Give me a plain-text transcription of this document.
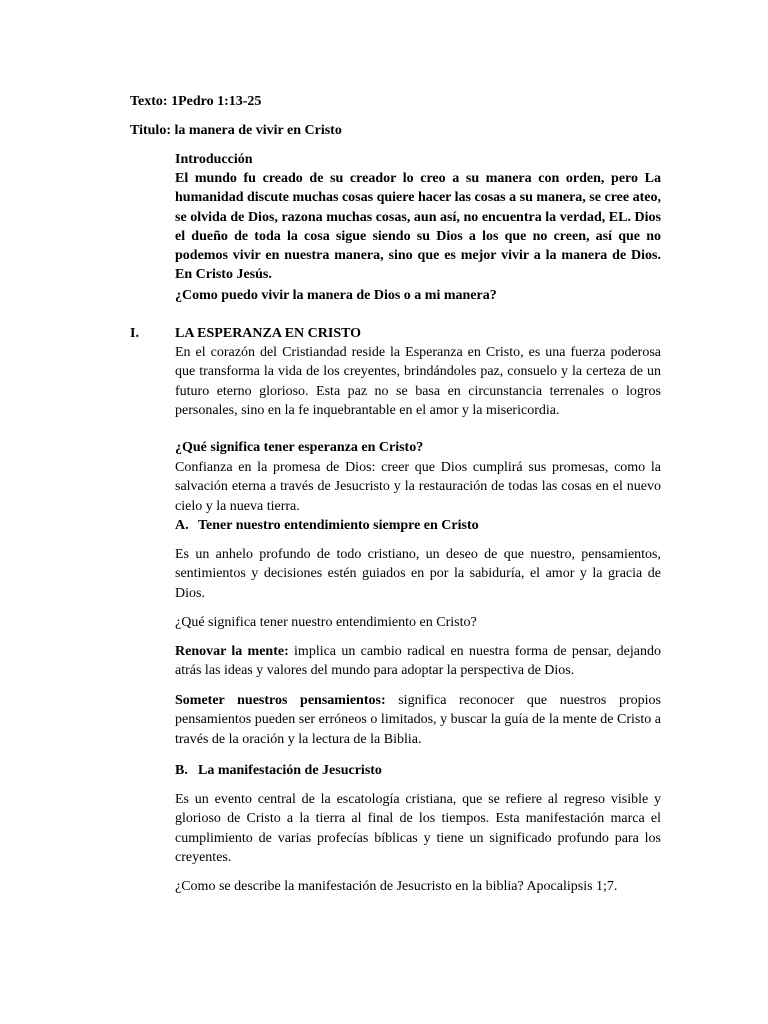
Texto: 1Pedro 1:13-25
Titulo: la manera de vivir en Cristo
Introducción

El mundo fu creado de su creador lo creo a su manera con orden, pero La humanidad discute muchas cosas quiere hacer las cosas a su manera, se cree ateo, se olvida de Dios, razona muchas cosas, aun así, no encuentra la verdad, EL. Dios el dueño de toda la cosa sigue siendo su Dios a los que no creen, así que no podemos vivir en nuestra manera, sino que es mejor vivir a la manera de Dios. En Cristo Jesús.

¿Como puedo vivir la manera de Dios o a mi manera?
I.	LA ESPERANZA EN CRISTO

En el corazón del Cristiandad reside la Esperanza en Cristo, es una fuerza poderosa que transforma la vida de los creyentes, brindándoles paz, consuelo y la certeza de un futuro eterno glorioso. Esta paz no se basa en circunstancia terrenales o logros personales, sino en la fe inquebrantable en el amor y la misericordia.

¿Qué significa tener esperanza en Cristo?

Confianza en la promesa de Dios: creer que Dios cumplirá sus promesas, como la salvación eterna a través de Jesucristo y la restauración de todas las cosas en el nuevo cielo y la nueva tierra.

A. Tener nuestro entendimiento siempre en Cristo

Es un anhelo profundo de todo cristiano, un deseo de que nuestro, pensamientos, sentimientos y decisiones estén guiados en por la sabiduría, el amor y la gracia de Dios.

¿Qué significa tener nuestro entendimiento en Cristo?

Renovar la mente: implica un cambio radical en nuestra forma de pensar, dejando atrás las ideas y valores del mundo para adoptar la perspectiva de Dios.

Someter nuestros pensamientos: significa reconocer que nuestros propios pensamientos pueden ser erróneos o limitados, y buscar la guía de la mente de Cristo a través de la oración y la lectura de la Biblia.

B. La manifestación de Jesucristo

Es un evento central de la escatología cristiana, que se refiere al regreso visible y glorioso de Cristo a la tierra al final de los tiempos. Esta manifestación marca el cumplimiento de varias profecías bíblicas y tiene un significado profundo para los creyentes.

¿Como se describe la manifestación de Jesucristo en la biblia? Apocalipsis 1;7.
